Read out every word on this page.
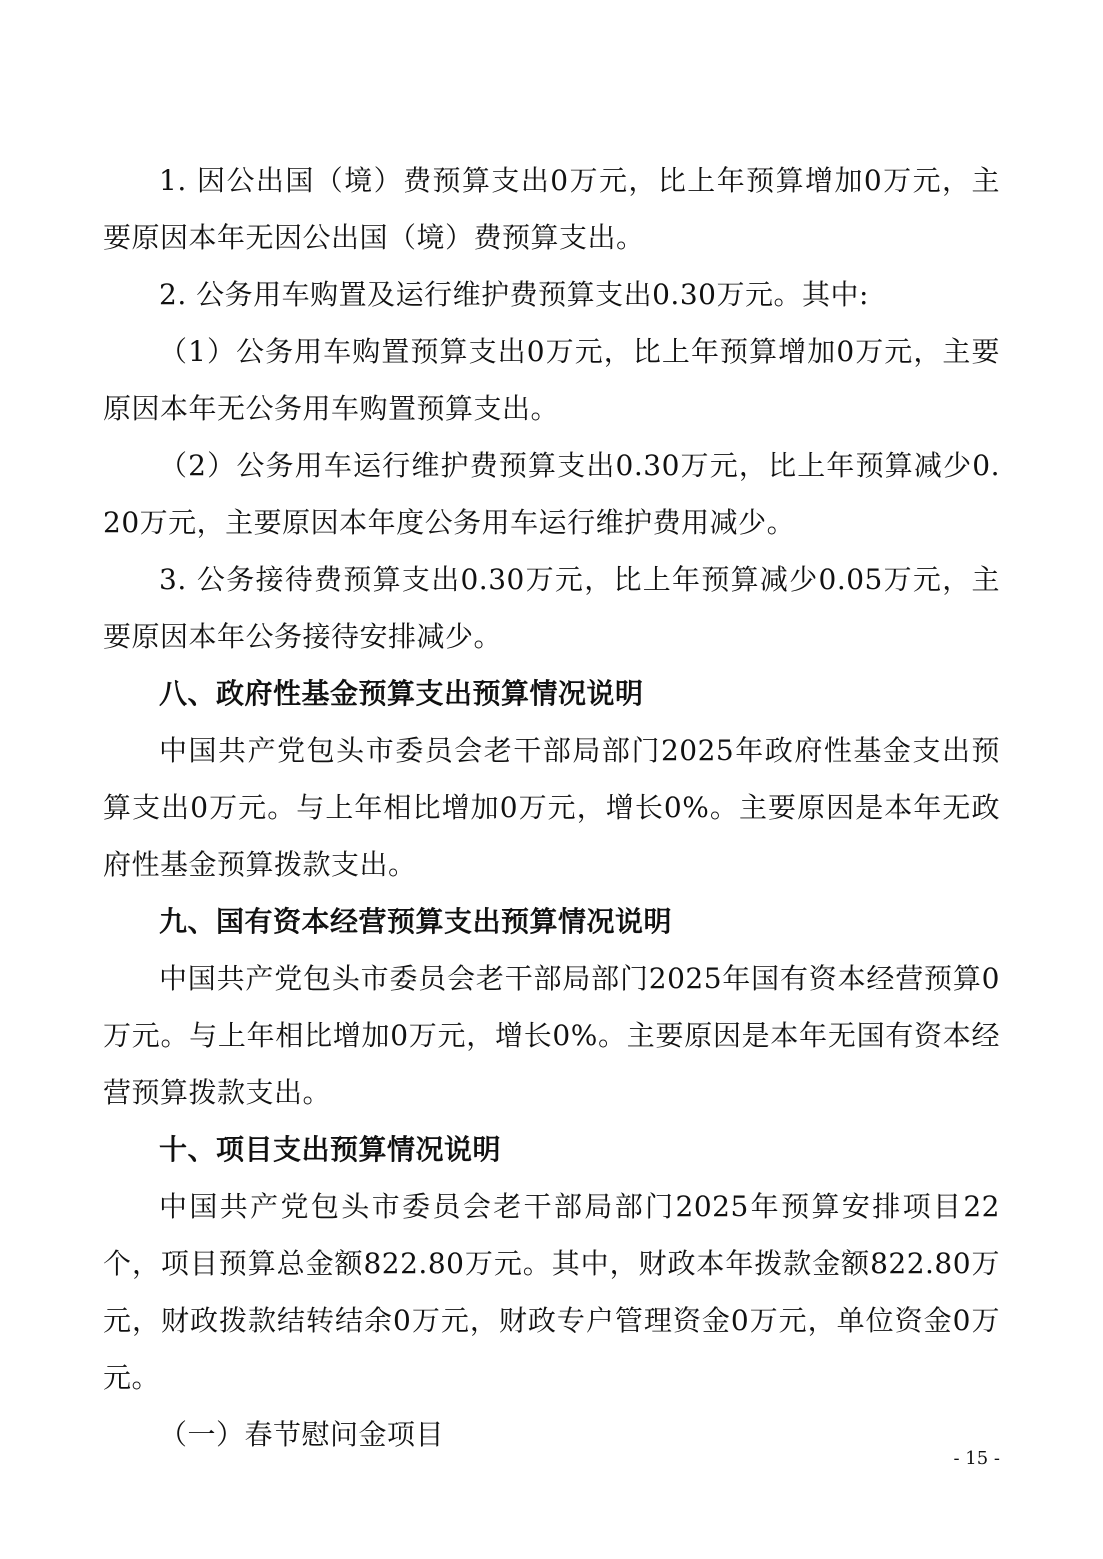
1. 因公出国（境）费预算支出0万元，比上年预算增加0万元，主要原因本年无因公出国（境）费预算支出。

2. 公务用车购置及运行维护费预算支出0.30万元。其中:

（1）公务用车购置预算支出0万元，比上年预算增加0万元，主要原因本年无公务用车购置预算支出。

（2）公务用车运行维护费预算支出0.30万元，比上年预算减少0.20万元，主要原因本年度公务用车运行维护费用减少。

3. 公务接待费预算支出0.30万元，比上年预算减少0.05万元，主要原因本年公务接待安排减少。

八、政府性基金预算支出预算情况说明

中国共产党包头市委员会老干部局部门2025年政府性基金支出预算支出0万元。与上年相比增加0万元，增长0%。主要原因是本年无政府性基金预算拨款支出。

九、国有资本经营预算支出预算情况说明

中国共产党包头市委员会老干部局部门2025年国有资本经营预算0万元。与上年相比增加0万元，增长0%。主要原因是本年无国有资本经营预算拨款支出。

十、项目支出预算情况说明

中国共产党包头市委员会老干部局部门2025年预算安排项目22个，项目预算总金额822.80万元。其中，财政本年拨款金额822.80万元，财政拨款结转结余0万元，财政专户管理资金0万元，单位资金0万元。

（一）春节慰问金项目

- 15 -
